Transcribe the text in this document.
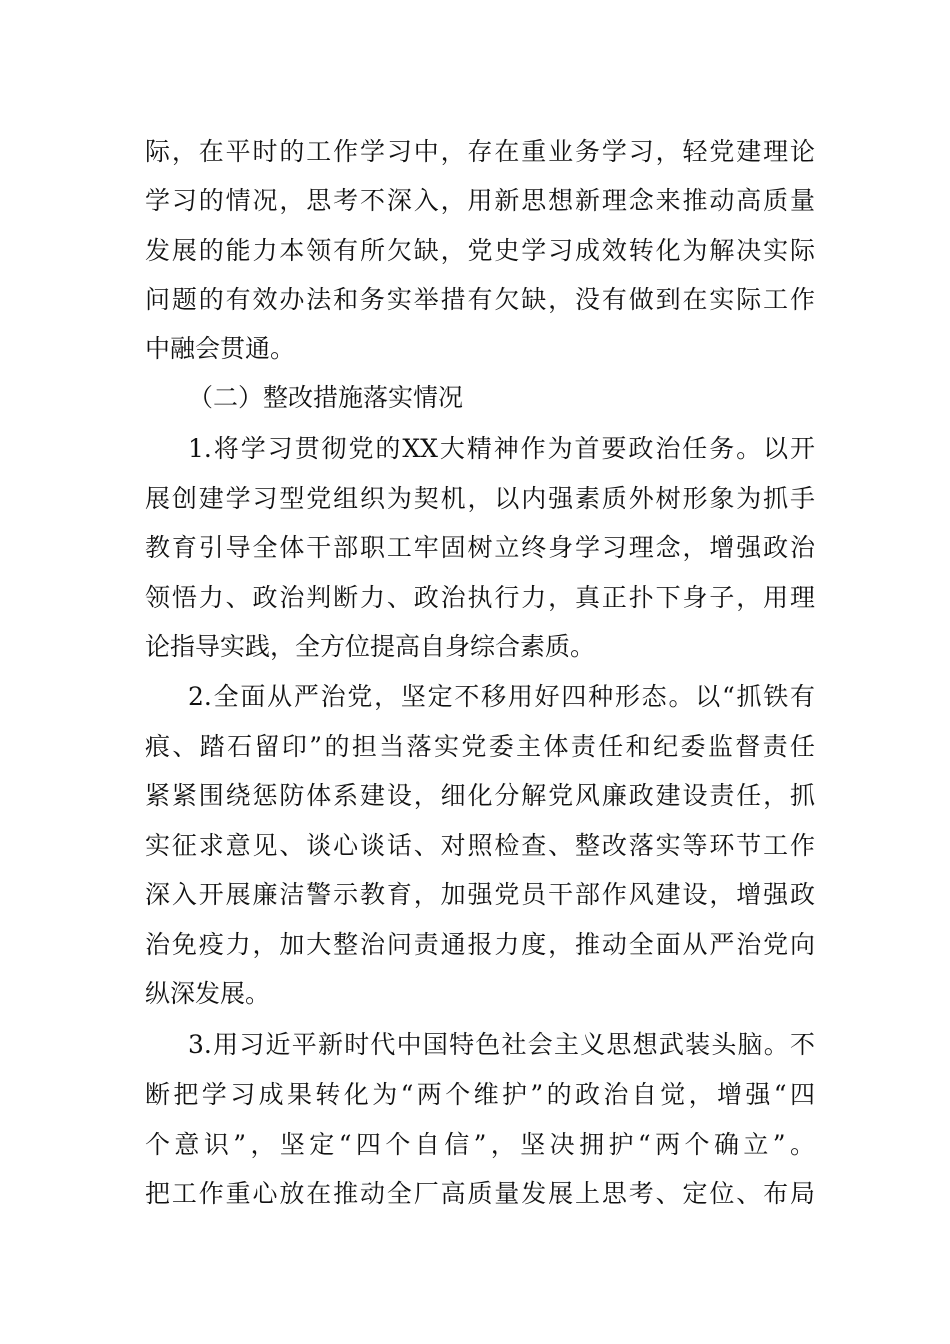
际，在平时的工作学习中，存在重业务学习，轻党建理论
学习的情况，思考不深入，用新思想新理念来推动高质量
发展的能力本领有所欠缺，党史学习成效转化为解决实际
问题的有效办法和务实举措有欠缺，没有做到在实际工作
中融会贯通。
（二）整改措施落实情况
1.将学习贯彻党的XX大精神作为首要政治任务。以开
展创建学习型党组织为契机，以内强素质外树形象为抓手
教育引导全体干部职工牢固树立终身学习理念，增强政治
领悟力、政治判断力、政治执行力，真正扑下身子，用理
论指导实践，全方位提高自身综合素质。
2.全面从严治党，坚定不移用好四种形态。以“抓铁有
痕、踏石留印”的担当落实党委主体责任和纪委监督责任
紧紧围绕惩防体系建设，细化分解党风廉政建设责任，抓
实征求意见、谈心谈话、对照检查、整改落实等环节工作
深入开展廉洁警示教育，加强党员干部作风建设，增强政
治免疫力，加大整治问责通报力度，推动全面从严治党向
纵深发展。
3.用习近平新时代中国特色社会主义思想武装头脑。不
断把学习成果转化为“两个维护”的政治自觉，增强“四
个意识”，坚定“四个自信”，坚决拥护“两个确立”。
把工作重心放在推动全厂高质量发展上思考、定位、布局
